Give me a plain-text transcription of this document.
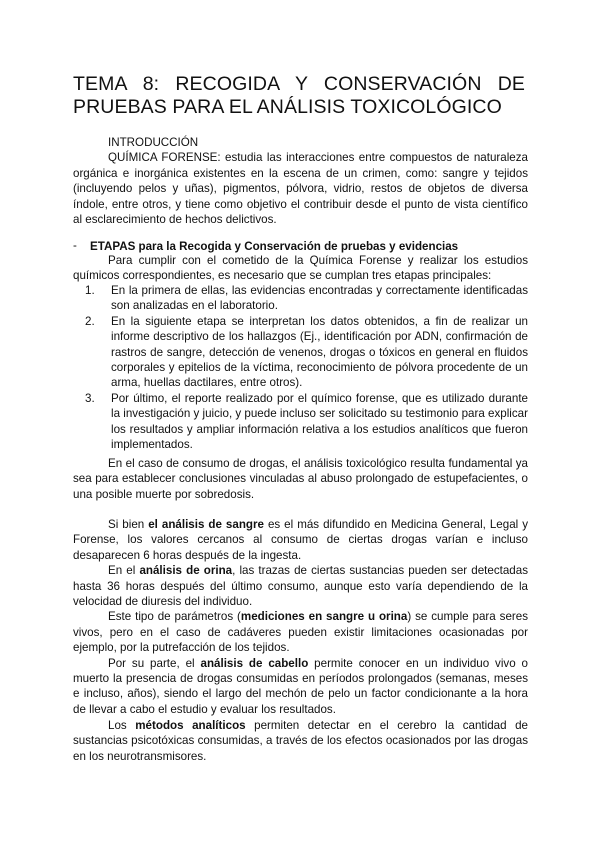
TEMA 8: RECOGIDA Y CONSERVACIÓN DE
PRUEBAS PARA EL ANÁLISIS TOXICOLÓGICO

INTRODUCCIÓN

QUÍMICA FORENSE: estudia las interacciones entre compuestos de naturaleza orgánica e inorgánica existentes en la escena de un crimen, como: sangre y tejidos (incluyendo pelos y uñas), pigmentos, pólvora, vidrio, restos de objetos de diversa índole, entre otros, y tiene como objetivo el contribuir desde el punto de vista científico al esclarecimiento de hechos delictivos.

- ETAPAS para la Recogida y Conservación de pruebas y evidencias

Para cumplir con el cometido de la Química Forense y realizar los estudios químicos correspondientes, es necesario que se cumplan tres etapas principales:

1. En la primera de ellas, las evidencias encontradas y correctamente identificadas son analizadas en el laboratorio.

2. En la siguiente etapa se interpretan los datos obtenidos, a fin de realizar un informe descriptivo de los hallazgos (Ej., identificación por ADN, confirmación de rastros de sangre, detección de venenos, drogas o tóxicos en general en fluidos corporales y epitelios de la víctima, reconocimiento de pólvora procedente de un arma, huellas dactilares, entre otros).

3. Por último, el reporte realizado por el químico forense, que es utilizado durante la investigación y juicio, y puede incluso ser solicitado su testimonio para explicar los resultados y ampliar información relativa a los estudios analíticos que fueron implementados.

En el caso de consumo de drogas, el análisis toxicológico resulta fundamental ya sea para establecer conclusiones vinculadas al abuso prolongado de estupefacientes, o una posible muerte por sobredosis.

Si bien el análisis de sangre es el más difundido en Medicina General, Legal y Forense, los valores cercanos al consumo de ciertas drogas varían e incluso desaparecen 6 horas después de la ingesta.

En el análisis de orina, las trazas de ciertas sustancias pueden ser detectadas hasta 36 horas después del último consumo, aunque esto varía dependiendo de la velocidad de diuresis del individuo.

Este tipo de parámetros (mediciones en sangre u orina) se cumple para seres vivos, pero en el caso de cadáveres pueden existir limitaciones ocasionadas por ejemplo, por la putrefacción de los tejidos.

Por su parte, el análisis de cabello permite conocer en un individuo vivo o muerto la presencia de drogas consumidas en períodos prolongados (semanas, meses e incluso, años), siendo el largo del mechón de pelo un factor condicionante a la hora de llevar a cabo el estudio y evaluar los resultados.

Los métodos analíticos permiten detectar en el cerebro la cantidad de sustancias psicotóxicas consumidas, a través de los efectos ocasionados por las drogas en los neurotransmisores.
